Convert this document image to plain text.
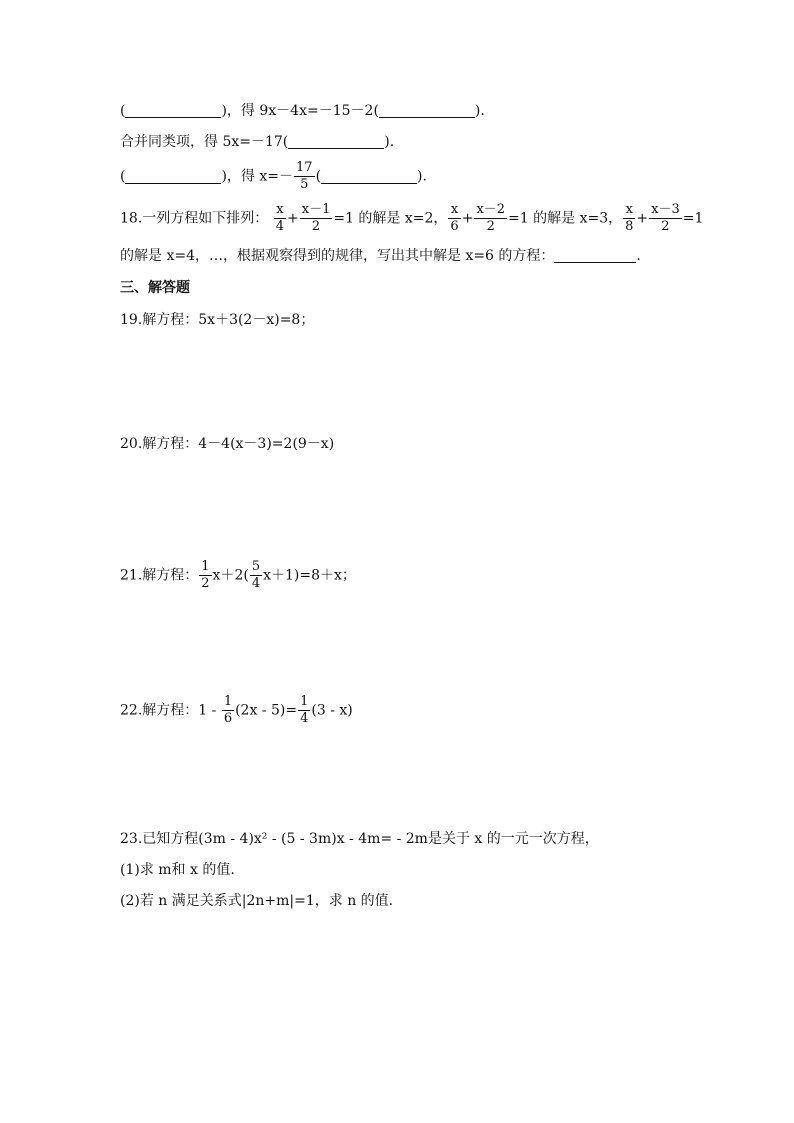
(	)，得 9x－4x=－15－2(	).
合并同类项，得 5x=－17(	).
(	)，得 $x=- \frac{17}{5}$ (	).
18.一列方程如下排列： $\frac{x}{4} + \frac{x-1}{2} =1$ 的解是 x=2， $\frac{x}{6} + \frac{x-2}{2} =1$ 的解是 x=3， $\frac{x}{8} + \frac{x-3}{2} =1$
的解是 x=4，…，根据观察得到的规律，写出其中解是 x=6 的方程：	.
三、解答题
19.解方程：5x＋3(2－x)=8；
20.解方程：4－4(x－3)=2(9－x)
21.解方程： $\frac{1}{2} x+2( \frac{5}{4} x+1)=8+x$；
22.解方程：$1 - \frac{1}{6} (2x - 5)= \frac{1}{4} (3 - x)$
23.已知方程(3m - 4)x² - (5 - 3m)x - 4m= - 2m是关于 x 的一元一次方程，
(1)求 m和 x 的值.
(2)若 n 满足关系式|2n+m|=1，求 n 的值.
